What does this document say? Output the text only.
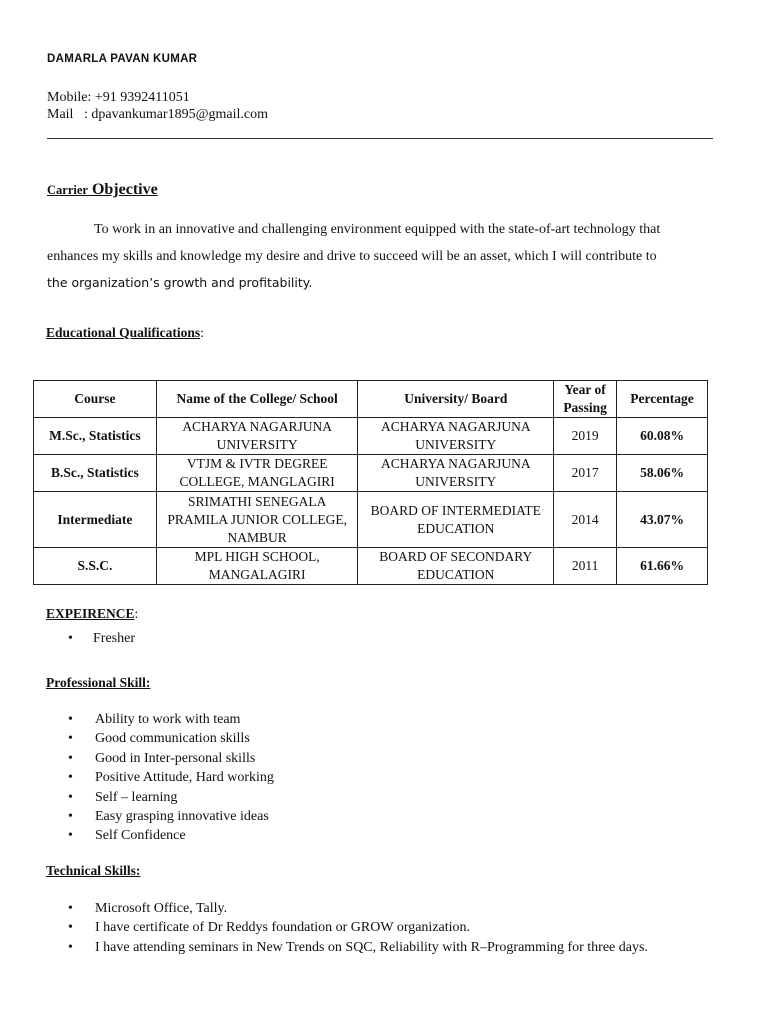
DAMARLA PAVAN KUMAR
Mobile: +91 9392411051
Mail : dpavankumar1895@gmail.com
Carrier Objective

To work in an innovative and challenging environment equipped with the state-of-art technology that

enhances my skills and knowledge my desire and drive to succeed will be an asset, which I will contribute to

the organization’s growth and profitability.

Educational Qualifications:
Course	Name of the College/ School	University/ Board	Year of Passing	Percentage
M.Sc., Statistics	ACHARYA NAGARJUNA UNIVERSITY	ACHARYA NAGARJUNA UNIVERSITY	2019	60.08%
B.Sc., Statistics	VTJM & IVTR DEGREE COLLEGE, MANGLAGIRI	ACHARYA NAGARJUNA UNIVERSITY	2017	58.06%
Intermediate	SRIMATHI SENEGALA PRAMILA JUNIOR COLLEGE, NAMBUR	BOARD OF INTERMEDIATE EDUCATION	2014	43.07%
S.S.C.	MPL HIGH SCHOOL, MANGALAGIRI	BOARD OF SECONDARY EDUCATION	2011	61.66%
EXPEIRENCE:
• Fresher
Professional Skill:
• Ability to work with team
• Good communication skills
• Good in Inter-personal skills
• Positive Attitude, Hard working
• Self – learning
• Easy grasping innovative ideas
• Self Confidence
Technical Skills:
• Microsoft Office, Tally.
• I have certificate of Dr Reddys foundation or GROW organization.
• I have attending seminars in New Trends on SQC, Reliability with R–Programming for three days.
